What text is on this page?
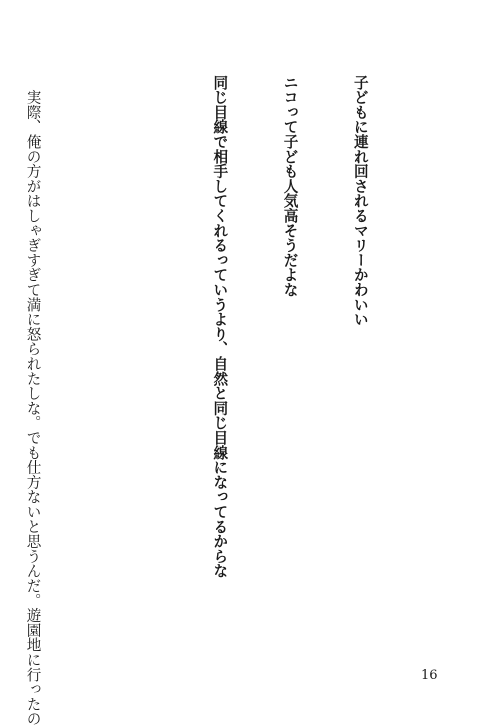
子どもに連れ回されるマリーかわいい

ニコって子ども人気高そうだよな

同じ目線で相手してくれるっていうより、自然と同じ目線になってるからな

　実際、俺の方がはしゃぎすぎて満に怒られたしな。でも仕方ないと思うんだ。遊園地に行ったの

	16
